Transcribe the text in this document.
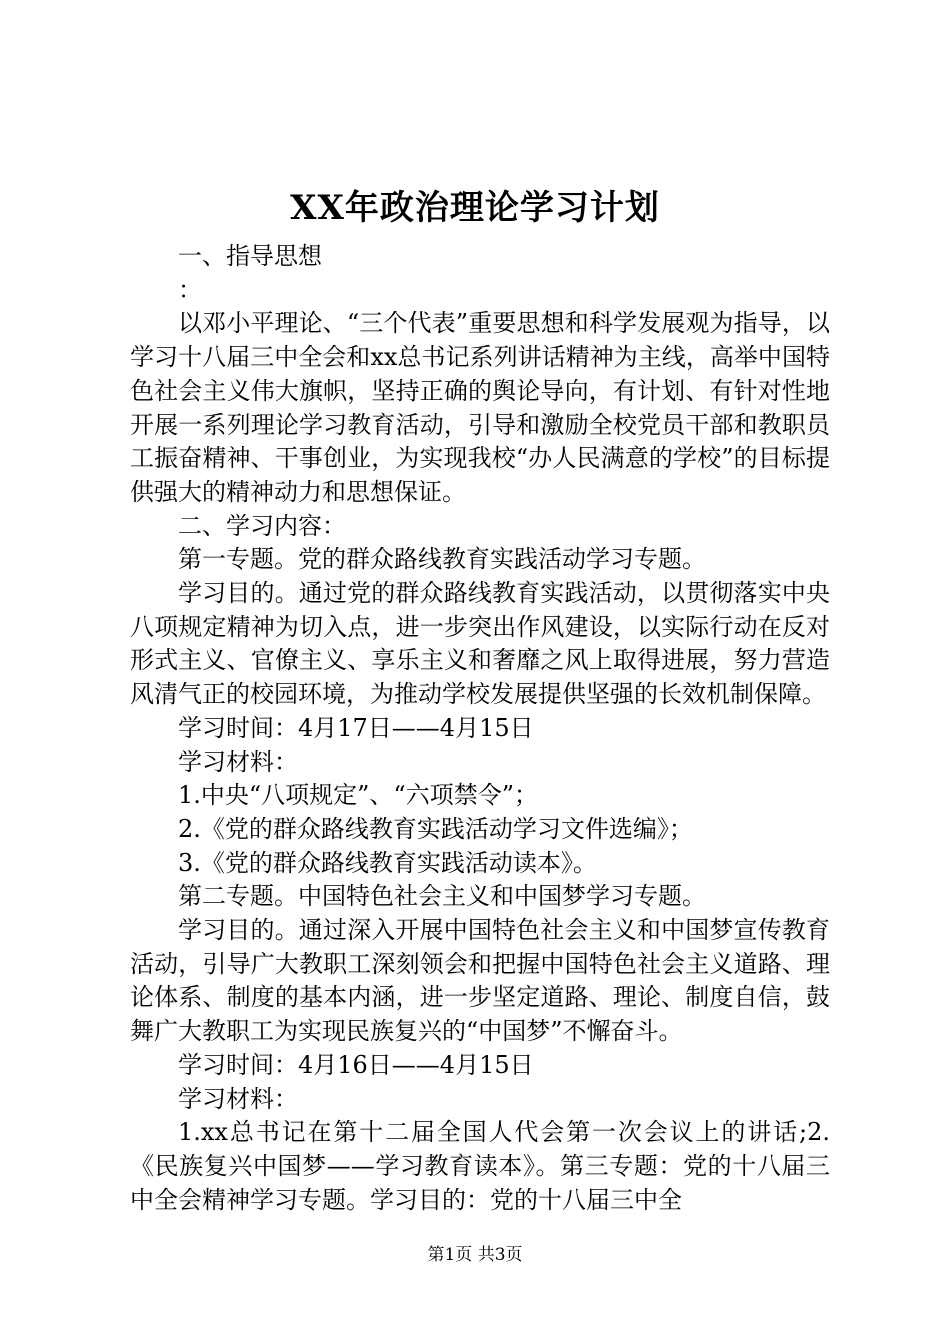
XX年政治理论学习计划

一、指导思想

：

以邓小平理论、“三个代表”重要思想和科学发展观为指导，以学习十八届三中全会和xx总书记系列讲话精神为主线，高举中国特色社会主义伟大旗帜，坚持正确的舆论导向，有计划、有针对性地开展一系列理论学习教育活动，引导和激励全校党员干部和教职员工振奋精神、干事创业，为实现我校“办人民满意的学校”的目标提供强大的精神动力和思想保证。

二、学习内容：

第一专题。党的群众路线教育实践活动学习专题。

学习目的。通过党的群众路线教育实践活动，以贯彻落实中央八项规定精神为切入点，进一步突出作风建设，以实际行动在反对形式主义、官僚主义、享乐主义和奢靡之风上取得进展，努力营造风清气正的校园环境，为推动学校发展提供坚强的长效机制保障。

学习时间：4月17日——4月15日

学习材料：

1.中央“八项规定”、“六项禁令”；

2.《党的群众路线教育实践活动学习文件选编》；

3.《党的群众路线教育实践活动读本》。

第二专题。中国特色社会主义和中国梦学习专题。

学习目的。通过深入开展中国特色社会主义和中国梦宣传教育活动，引导广大教职工深刻领会和把握中国特色社会主义道路、理论体系、制度的基本内涵，进一步坚定道路、理论、制度自信，鼓舞广大教职工为实现民族复兴的“中国梦”不懈奋斗。

学习时间：4月16日——4月15日

学习材料：

1.xx总书记在第十二届全国人代会第一次会议上的讲话;2.《民族复兴中国梦——学习教育读本》。第三专题：党的十八届三中全会精神学习专题。学习目的：党的十八届三中全

第1页 共3页
